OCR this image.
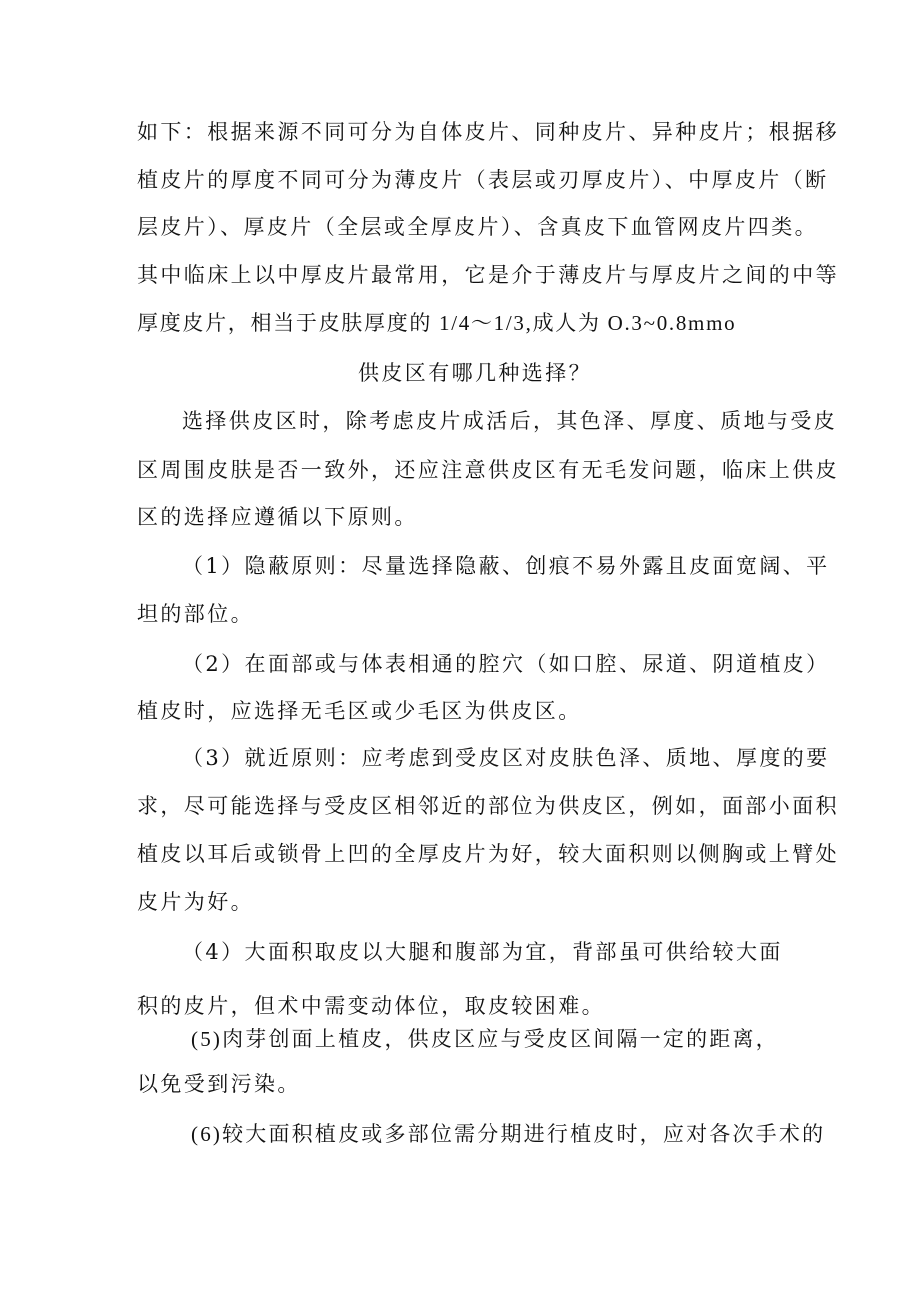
如下：根据来源不同可分为自体皮片、同种皮片、异种皮片；根据移
植皮片的厚度不同可分为薄皮片（表层或刃厚皮片）、中厚皮片（断
层皮片）、厚皮片（全层或全厚皮片）、含真皮下血管网皮片四类。
其中临床上以中厚皮片最常用，它是介于薄皮片与厚皮片之间的中等
厚度皮片，相当于皮肤厚度的 1/4～1/3,成人为 O.3~0.8mmo
供皮区有哪几种选择？
选择供皮区时，除考虑皮片成活后，其色泽、厚度、质地与受皮
区周围皮肤是否一致外，还应注意供皮区有无毛发问题，临床上供皮
区的选择应遵循以下原则。
（1）隐蔽原则：尽量选择隐蔽、创痕不易外露且皮面宽阔、平
坦的部位。
（2）在面部或与体表相通的腔穴（如口腔、尿道、阴道植皮）
植皮时，应选择无毛区或少毛区为供皮区。
（3）就近原则：应考虑到受皮区对皮肤色泽、质地、厚度的要
求，尽可能选择与受皮区相邻近的部位为供皮区，例如，面部小面积
植皮以耳后或锁骨上凹的全厚皮片为好，较大面积则以侧胸或上臂处
皮片为好。
（4）大面积取皮以大腿和腹部为宜，背部虽可供给较大面
积的皮片，但术中需变动体位，取皮较困难。
(5)肉芽创面上植皮，供皮区应与受皮区间隔一定的距离，
以免受到污染。
(6)较大面积植皮或多部位需分期进行植皮时，应对各次手术的
